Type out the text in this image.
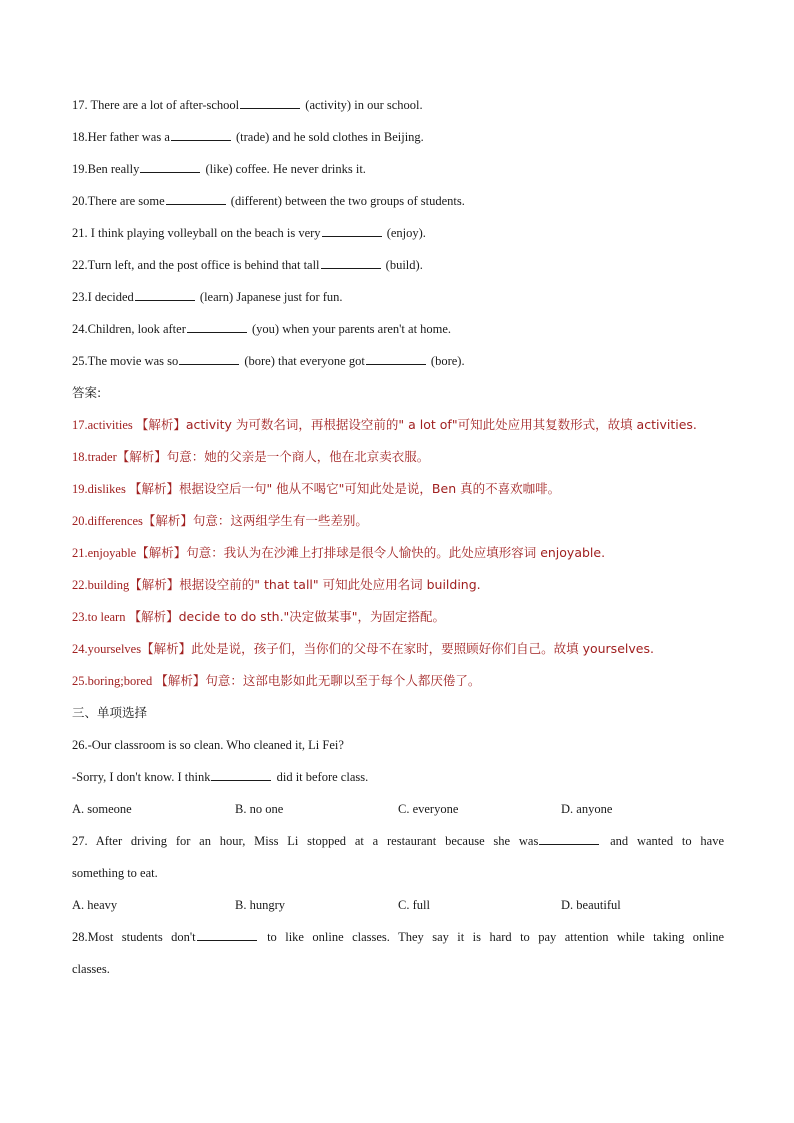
17. There are a lot of after-school	(activity) in our school.
18.Her father was a	(trade) and he sold clothes in Beijing.
19.Ben really	(like) coffee. He never drinks it.
20.There are some	(different) between the two groups of students.
21. I think playing volleyball on the beach is very	(enjoy).
22.Turn left, and the post office is behind that tall	(build).
23.I decided	(learn) Japanese just for fun.
24.Children, look after	(you) when your parents aren't at home.
25.The movie was so	(bore) that everyone got	(bore).
答案:
17.activities 【解析】activity 为可数名词，再根据设空前的" a lot of"可知此处应用其复数形式，故填 activities.
18.trader【解析】句意：她的父亲是一个商人，他在北京卖衣服。
19.dislikes 【解析】根据设空后一句" 他从不喝它"可知此处是说，Ben 真的不喜欢咖啡。
20.differences【解析】句意：这两组学生有一些差别。
21.enjoyable【解析】句意：我认为在沙滩上打排球是很令人愉快的。此处应填形容词 enjoyable.
22.building【解析】根据设空前的" that tall" 可知此处应用名词 building.
23.to learn 【解析】decide to do sth."决定做某事"，为固定搭配。
24.yourselves【解析】此处是说，孩子们，当你们的父母不在家时，要照顾好你们自己。故填 yourselves.
25.boring;bored 【解析】句意：这部电影如此无聊以至于每个人都厌倦了。
三、单项选择
26.-Our classroom is so clean. Who cleaned it, Li Fei?
-Sorry, I don't know. I think	did it before class.
A. someone	B. no one	C. everyone	D. anyone
27. After driving for an hour, Miss Li stopped at a restaurant because she was	and wanted to have
something to eat.
A. heavy	B. hungry	C. full	D. beautiful
28.Most students don't	to like online classes. They say it is hard to pay attention while taking online
classes.
